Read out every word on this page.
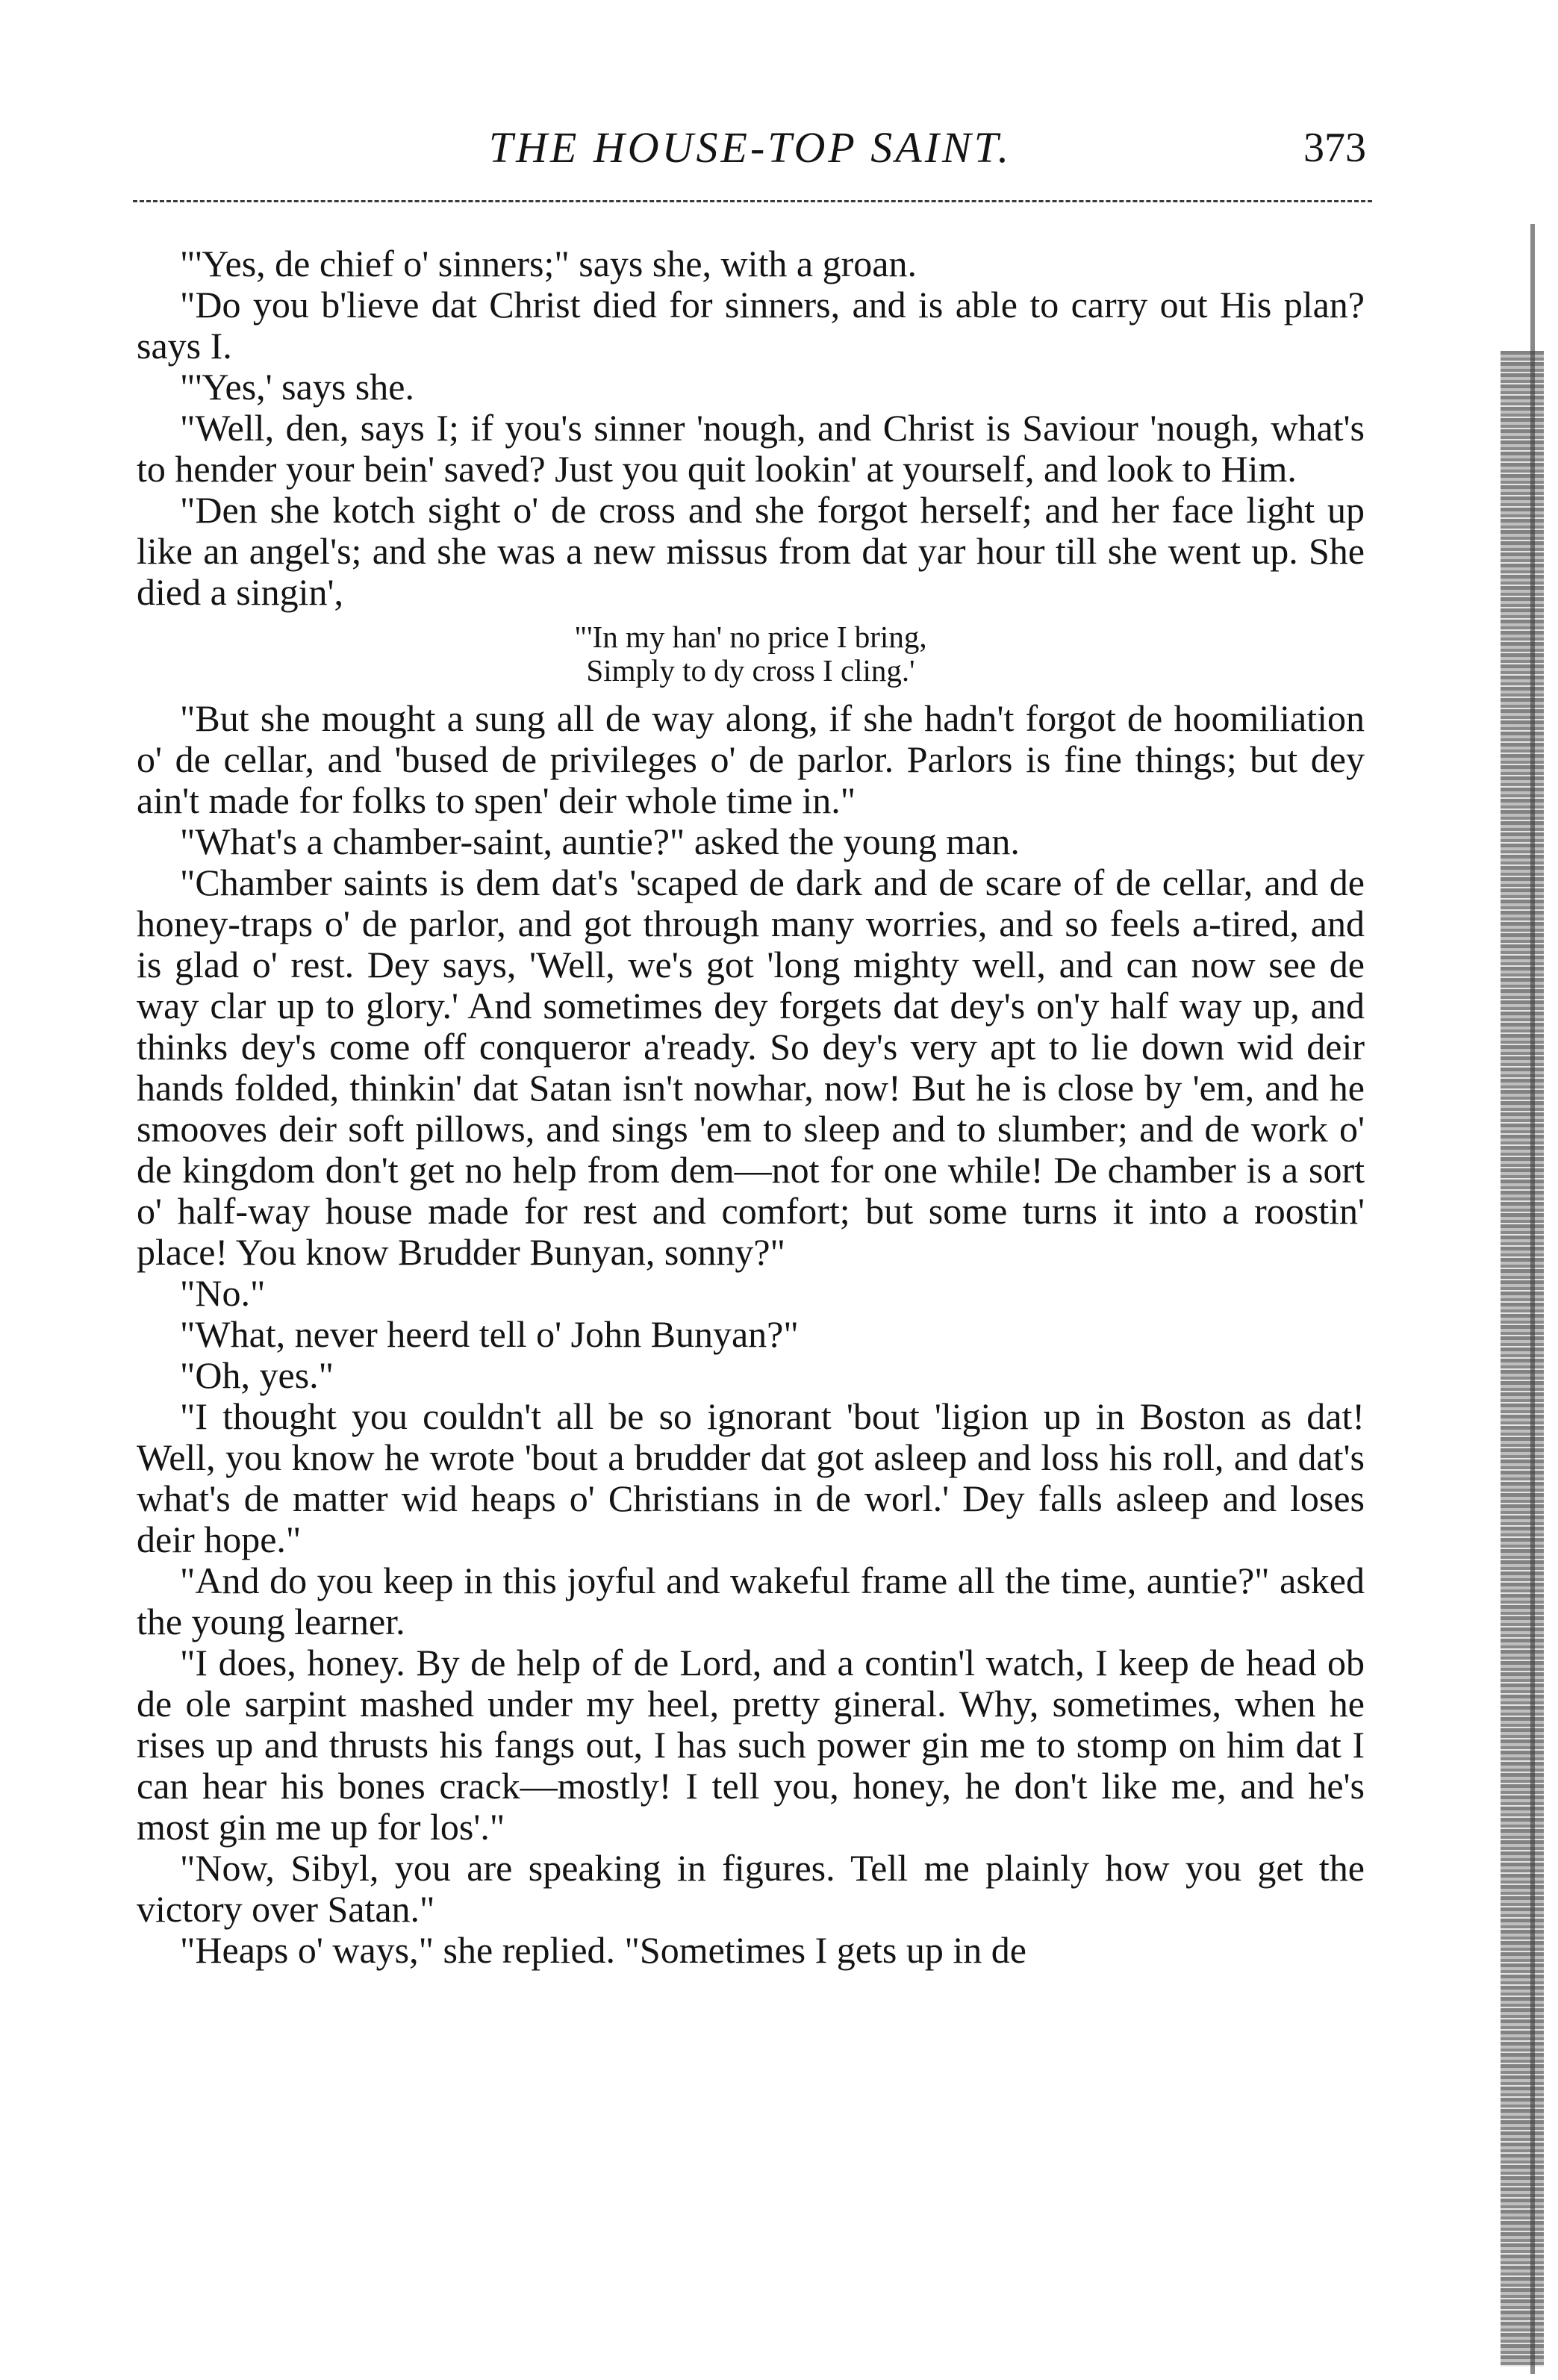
THE HOUSE-TOP SAINT.	373

"'Yes, de chief o' sinners;" says she, with a groan.

"Do you b'lieve dat Christ died for sinners, and is able to carry out His plan? says I.

"'Yes,' says she.

"Well, den, says I; if you's sinner 'nough, and Christ is Saviour 'nough, what's to hender your bein' saved? Just you quit lookin' at yourself, and look to Him.

"Den she kotch sight o' de cross and she forgot herself; and her face light up like an angel's; and she was a new missus from dat yar hour till she went up. She died a singin',

"'In my han' no price I bring,
Simply to dy cross I cling.'

"But she mought a sung all de way along, if she hadn't forgot de hoomiliation o' de cellar, and 'bused de privileges o' de parlor. Parlors is fine things; but dey ain't made for folks to spen' deir whole time in."

"What's a chamber-saint, auntie?" asked the young man.

"Chamber saints is dem dat's 'scaped de dark and de scare of de cellar, and de honey-traps o' de parlor, and got through many worries, and so feels a-tired, and is glad o' rest. Dey says, 'Well, we's got 'long mighty well, and can now see de way clar up to glory.' And sometimes dey forgets dat dey's on'y half way up, and thinks dey's come off conqueror a'ready. So dey's very apt to lie down wid deir hands folded, thinkin' dat Satan isn't nowhar, now! But he is close by 'em, and he smooves deir soft pillows, and sings 'em to sleep and to slumber; and de work o' de kingdom don't get no help from dem—not for one while! De chamber is a sort o' half-way house made for rest and comfort; but some turns it into a roostin' place! You know Brudder Bunyan, sonny?"

"No."

"What, never heerd tell o' John Bunyan?"

"Oh, yes."

"I thought you couldn't all be so ignorant 'bout 'ligion up in Boston as dat! Well, you know he wrote 'bout a brudder dat got asleep and loss his roll, and dat's what's de matter wid heaps o' Christians in de worl.' Dey falls asleep and loses deir hope."

"And do you keep in this joyful and wakeful frame all the time, auntie?" asked the young learner.

"I does, honey. By de help of de Lord, and a contin'l watch, I keep de head ob de ole sarpint mashed under my heel, pretty gineral. Why, sometimes, when he rises up and thrusts his fangs out, I has such power gin me to stomp on him dat I can hear his bones crack—mostly! I tell you, honey, he don't like me, and he's most gin me up for los'."

"Now, Sibyl, you are speaking in figures. Tell me plainly how you get the victory over Satan."

"Heaps o' ways," she replied. "Sometimes I gets up in de
